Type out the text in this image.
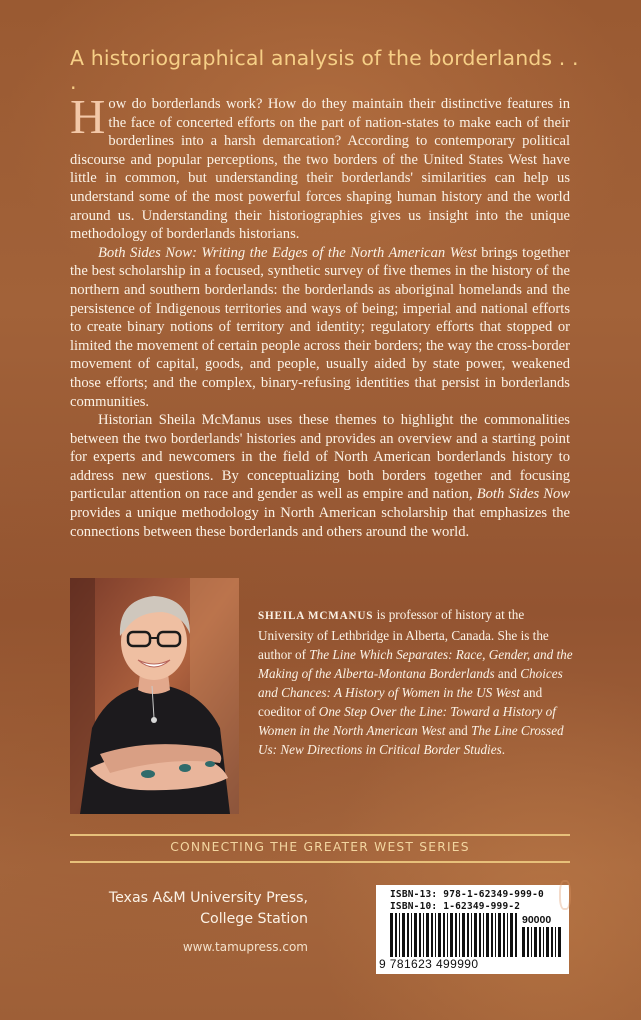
A historiographical analysis of the borderlands . . .

How do borderlands work? How do they maintain their distinctive features in the face of concerted efforts on the part of nation-states to make each of their borderlines into a harsh demarcation? According to contemporary political discourse and popular perceptions, the two borders of the United States West have little in common, but understanding their borderlands' similarities can help us understand some of the most powerful forces shaping human history and the world around us. Understanding their historiographies gives us insight into the unique methodology of borderlands historians.

Both Sides Now: Writing the Edges of the North American West brings together the best scholarship in a focused, synthetic survey of five themes in the history of the northern and southern borderlands: the borderlands as aboriginal homelands and the persistence of Indigenous territories and ways of being; imperial and national efforts to create binary notions of territory and identity; regulatory efforts that stopped or limited the movement of certain people across their borders; the way the cross-border movement of capital, goods, and people, usually aided by state power, weakened those efforts; and the complex, binary-refusing identities that persist in borderlands communities.

Historian Sheila McManus uses these themes to highlight the commonalities between the two borderlands' histories and provides an overview and a starting point for experts and newcomers in the field of North American borderlands history to address new questions. By conceptualizing both borders together and focusing particular attention on race and gender as well as empire and nation, Both Sides Now provides a unique methodology in North American scholarship that emphasizes the connections between these borderlands and others around the world.

SHEILA MCMANUS is professor of history at the University of Lethbridge in Alberta, Canada. She is the author of The Line Which Separates: Race, Gender, and the Making of the Alberta-Montana Borderlands and Choices and Chances: A History of Women in the US West and coeditor of One Step Over the Line: Toward a History of Women in the North American West and The Line Crossed Us: New Directions in Critical Border Studies.
CONNECTING THE GREATER WEST SERIES
Texas A&M University Press,
College Station
www.tamupress.com
ISBN-13: 978-1-62349-999-0
ISBN-10: 1-62349-999-2
90000
9 781623 499990
